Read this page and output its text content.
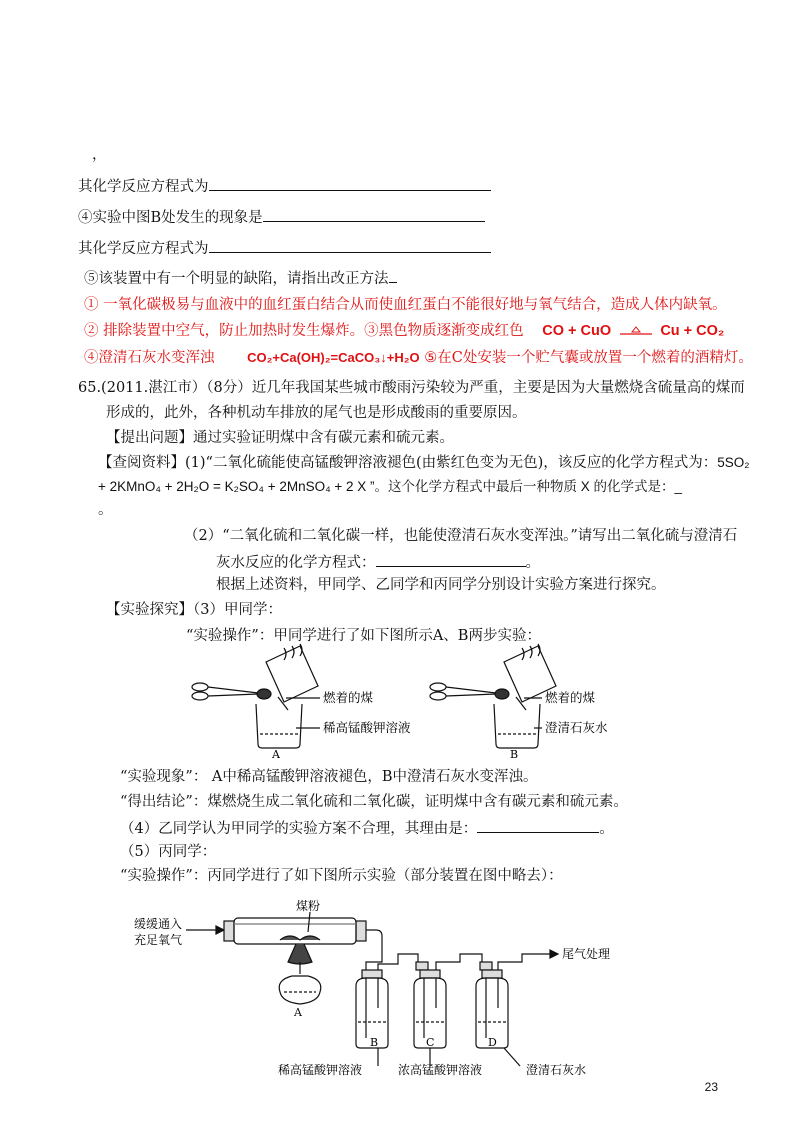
，
其化学反应方程式为
④实验中图B处发生的现象是
其化学反应方程式为
⑤该装置中有一个明显的缺陷，请指出改正方法
① 一氧化碳极易与血液中的血红蛋白结合从而使血红蛋白不能很好地与氧气结合，造成人体内缺氧。
② 排除装置中空气，防止加热时发生爆炸。③黑色物质逐渐变成红色 CO + CuO	Cu + CO₂
④澄清石灰水变浑浊	CO₂+Ca(OH)₂=CaCO₃↓+H₂O ⑤在C处安装一个贮气囊或放置一个燃着的酒精灯。
65.(2011.湛江市）（8分）近几年我国某些城市酸雨污染较为严重，主要是因为大量燃烧含硫量高的煤而
形成的，此外，各种机动车排放的尾气也是形成酸雨的重要原因。
【提出问题】通过实验证明煤中含有碳元素和硫元素。
【查阅资料】(1)“二氧化硫能使高锰酸钾溶液褪色(由紫红色变为无色)，该反应的化学方程式为：5SO₂
+ 2KMnO₄ + 2H₂O = K₂SO₄ + 2MnSO₄ + 2 X ”。这个化学方程式中最后一种物质 X 的化学式是：_
。
（2）“二氧化硫和二氧化碳一样，也能使澄清石灰水变浑浊。”请写出二氧化硫与澄清石
灰水反应的化学方程式：	。
根据上述资料，甲同学、乙同学和丙同学分别设计实验方案进行探究。
【实验探究】（3）甲同学：
“实验操作”：甲同学进行了如下图所示A、B两步实验：
燃着的煤
稀高锰酸钾溶液
A
燃着的煤
澄清石灰水
B
“实验现象”： A中稀高锰酸钾溶液褪色，B中澄清石灰水变浑浊。
“得出结论”：煤燃烧生成二氧化硫和二氧化碳，证明煤中含有碳元素和硫元素。
（4）乙同学认为甲同学的实验方案不合理，其理由是：	。
（5）丙同学：
“实验操作”：丙同学进行了如下图所示实验（部分装置在图中略去）：
缓缓通入
充足氧气
煤粉
A
B
稀高锰酸钾溶液
C
浓高锰酸钾溶液
D
尾气处理
澄清石灰水
23
